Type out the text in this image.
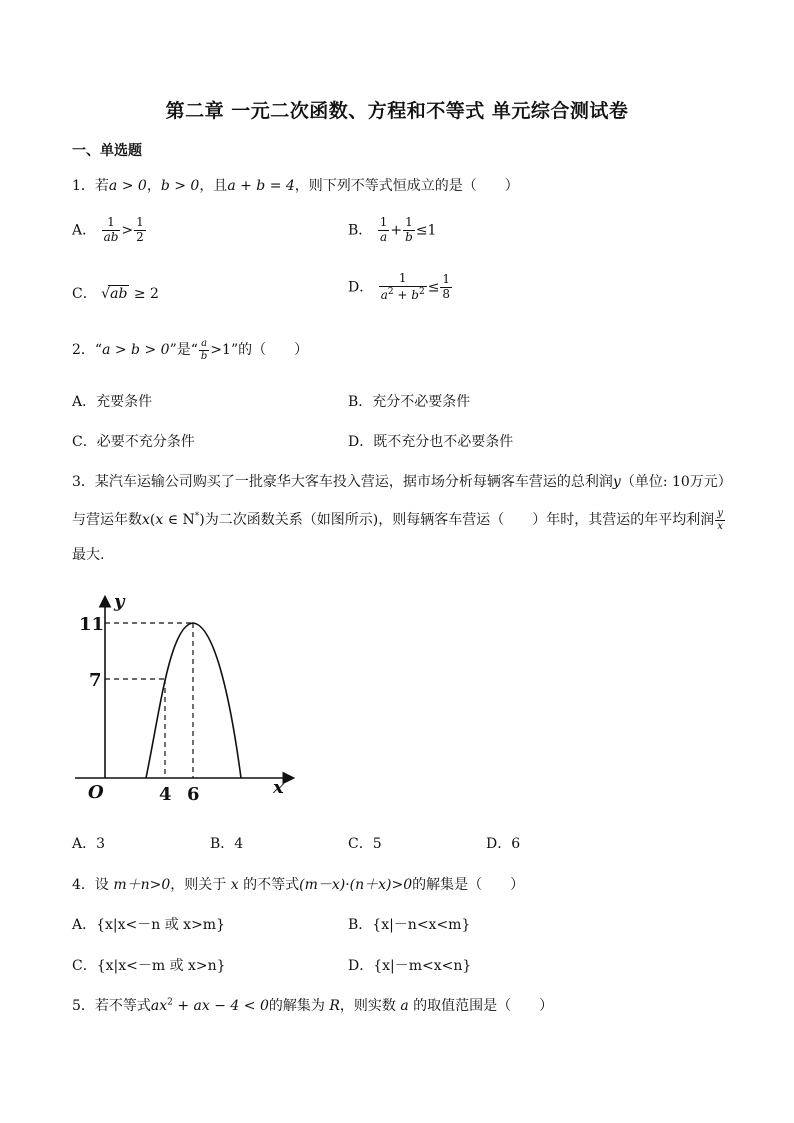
第二章 一元二次函数、方程和不等式 单元综合测试卷
一、单选题
1．若a > 0，b > 0，且a + b = 4，则下列不等式恒成立的是（　　）
A． $\frac{1}{ab} > \frac{1}{2}$	B． $\frac{1}{a} + \frac{1}{b} \le 1$
C． √ab ≥ 2	D． $\frac{1}{a^2 + b^2} \le \frac{1}{8}$
2．“a > b > 0”是“ $\frac{a}{b} >1$”的（　　）
A．充要条件	B．充分不必要条件
C．必要不充分条件	D．既不充分也不必要条件
3．某汽车运输公司购买了一批豪华大客车投入营运，据市场分析每辆客车营运的总利润y（单位: 10万元）
与营运年数x(x ∈ N*)为二次函数关系（如图所示)，则每辆客车营运（　　）年时，其营运的年平均利润 $\frac{y}{x}$
最大.
y
x
O
11
7
4 6
A．3	B．4	C．5	D．6
4．设 m＋n>0，则关于 x 的不等式(m－x)·(n＋x)>0的解集是（　　）
A．{x|x<－n 或 x>m}	B．{x|－n<x<m}
C．{x|x<－m 或 x>n}	D．{x|－m<x<n}
5．若不等式$ax^2$ + ax − 4 < 0的解集为 R，则实数 a 的取值范围是（　　）
